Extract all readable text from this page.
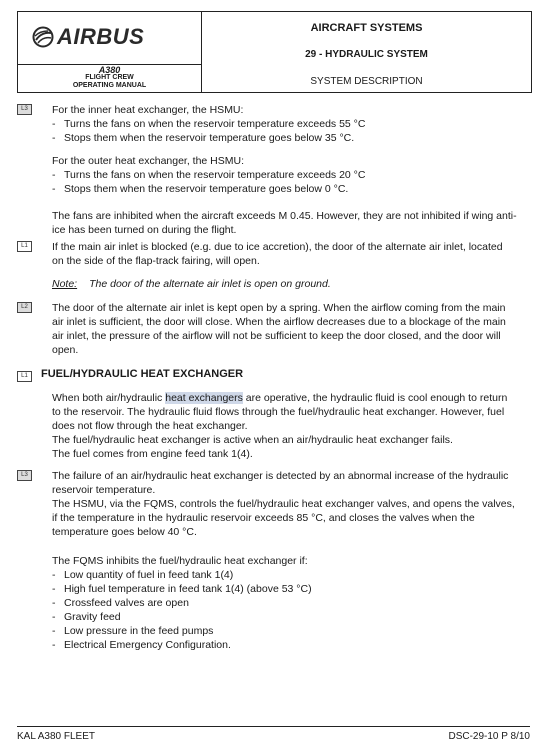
AIRBUS
A380
FLIGHT CREW
OPERATING MANUAL
AIRCRAFT SYSTEMS
29 - HYDRAULIC SYSTEM
SYSTEM DESCRIPTION
L3	For the inner heat exchanger, the HSMU:
- Turns the fans on when the reservoir temperature exceeds 55 °C
- Stops them when the reservoir temperature goes below 35 °C.
For the outer heat exchanger, the HSMU:
- Turns the fans on when the reservoir temperature exceeds 20 °C
- Stops them when the reservoir temperature goes below 0 °C.
The fans are inhibited when the aircraft exceeds M 0.45. However, they are not inhibited if wing anti-ice has been turned on during the flight.
L1	If the main air inlet is blocked (e.g. due to ice accretion), the door of the alternate air inlet, located on the side of the flap-track fairing, will open.
Note: The door of the alternate air inlet is open on ground.
L2	The door of the alternate air inlet is kept open by a spring. When the airflow coming from the main air inlet is sufficient, the door will close. When the airflow decreases due to a blockage of the main air inlet, the pressure of the airflow will not be sufficient to keep the door closed, and the door will open.
L1	FUEL/HYDRAULIC HEAT EXCHANGER
When both air/hydraulic heat exchangers are operative, the hydraulic fluid is cool enough to return to the reservoir. The hydraulic fluid flows through the fuel/hydraulic heat exchanger. However, fuel does not flow through the heat exchanger.
The fuel/hydraulic heat exchanger is active when an air/hydraulic heat exchanger fails.
The fuel comes from engine feed tank 1(4).
L3	The failure of an air/hydraulic heat exchanger is detected by an abnormal increase of the hydraulic reservoir temperature.
The HSMU, via the FQMS, controls the fuel/hydraulic heat exchanger valves, and opens the valves, if the temperature in the hydraulic reservoir exceeds 85 °C, and closes the valves when the temperature goes below 40 °C.
The FQMS inhibits the fuel/hydraulic heat exchanger if:
- Low quantity of fuel in feed tank 1(4)
- High fuel temperature in feed tank 1(4) (above 53 °C)
- Crossfeed valves are open
- Gravity feed
- Low pressure in the feed pumps
- Electrical Emergency Configuration.
KAL A380 FLEET	DSC-29-10 P 8/10
